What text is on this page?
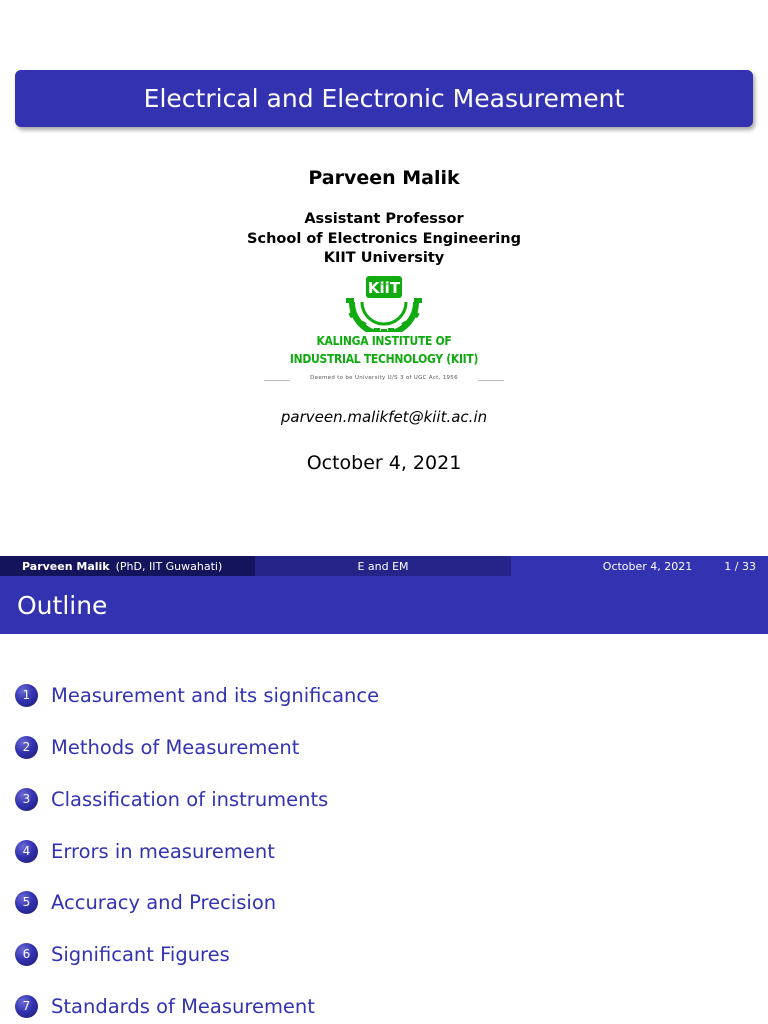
Electrical and Electronic Measurement
Parveen Malik
Assistant Professor
School of Electronics Engineering
KIIT University
KiiT
KALINGA INSTITUTE OF
INDUSTRIAL TECHNOLOGY (KIIT)
Deemed to be University U/S 3 of UGC Act, 1956
parveen.malikfet@kiit.ac.in
October 4, 2021
Parveen Malik (PhD, IIT Guwahati)	E and EM	October 4, 2021	1 / 33
Outline
1	Measurement and its significance
2	Methods of Measurement
3	Classification of instruments
4	Errors in measurement
5	Accuracy and Precision
6	Significant Figures
7	Standards of Measurement
